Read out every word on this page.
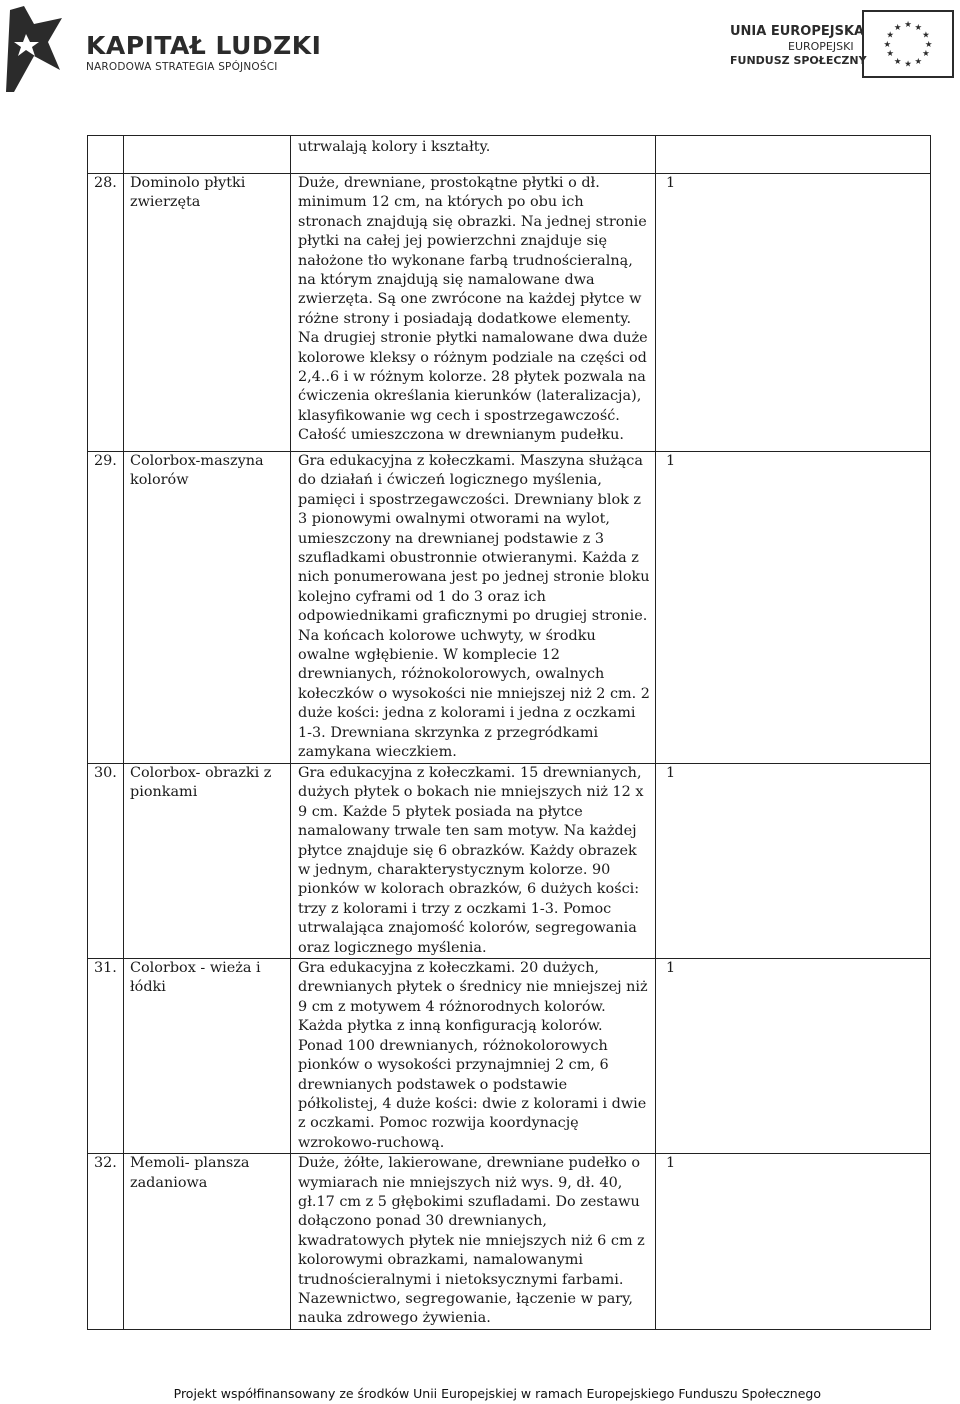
KAPITAŁ LUDZKI
NARODOWA STRATEGIA SPÓJNOŚCI
UNIA EUROPEJSKA
EUROPEJSKI
FUNDUSZ SPOŁECZNY
★ ★
★
★
★
★
★
★
★
★
★
★

		utrwalają kolory i kształty.	

28.	Dominolo płytki zwierzęta	Duże, drewniane, prostokątne płytki o dł. minimum 12 cm, na których po obu ich stronach znajdują się obrazki. Na jednej stronie płytki na całej jej powierzchni znajduje się nałożone tło wykonane farbą trudnościeralną, na którym znajdują się namalowane dwa zwierzęta. Są one zwrócone na każdej płytce w różne strony i posiadają dodatkowe elementy. Na drugiej stronie płytki namalowane dwa duże kolorowe kleksy o różnym podziale na części od 2,4..6 i w różnym kolorze. 28 płytek pozwala na ćwiczenia określania kierunków (lateralizacja), klasyfikowanie wg cech i spostrzegawczość. Całość umieszczona w drewnianym pudełku.	1
29.	Colorbox-maszyna kolorów	Gra edukacyjna z kołeczkami. Maszyna służąca do działań i ćwiczeń logicznego myślenia, pamięci i spostrzegawczości. Drewniany blok z 3 pionowymi owalnymi otworami na wylot, umieszczony na drewnianej podstawie z 3 szufladkami obustronnie otwieranymi. Każda z nich ponumerowana jest po jednej stronie bloku kolejno cyframi od 1 do 3 oraz ich odpowiednikami graficznymi po drugiej stronie. Na końcach kolorowe uchwyty, w środku owalne wgłębienie. W komplecie 12 drewnianych, różnokolorowych, owalnych kołeczków o wysokości nie mniejszej niż 2 cm. 2 duże kości: jedna z kolorami i jedna z oczkami 1-3. Drewniana skrzynka z przegródkami zamykana wieczkiem.	1
30.	Colorbox- obrazki z pionkami	Gra edukacyjna z kołeczkami. 15 drewnianych, dużych płytek o bokach nie mniejszych niż 12 x 9 cm. Każde 5 płytek posiada na płytce namalowany trwale ten sam motyw. Na każdej płytce znajduje się 6 obrazków. Każdy obrazek w jednym, charakterystycznym kolorze. 90 pionków w kolorach obrazków, 6 dużych kości: trzy z kolorami i trzy z oczkami 1-3. Pomoc utrwalająca znajomość kolorów, segregowania oraz logicznego myślenia.	1
31.	Colorbox - wieża i łódki	Gra edukacyjna z kołeczkami. 20 dużych, drewnianych płytek o średnicy nie mniejszej niż 9 cm z motywem 4 różnorodnych kolorów. Każda płytka z inną konfiguracją kolorów. Ponad 100 drewnianych, różnokolorowych pionków o wysokości przynajmniej 2 cm, 6 drewnianych podstawek o podstawie półkolistej, 4 duże kości: dwie z kolorami i dwie z oczkami. Pomoc rozwija koordynację wzrokowo-ruchową.	1
32.	Memoli- plansza zadaniowa	Duże, żółte, lakierowane, drewniane pudełko o wymiarach nie mniejszych niż wys. 9, dł. 40, gł.17 cm z 5 głębokimi szufladami. Do zestawu dołączono ponad 30 drewnianych, kwadratowych płytek nie mniejszych niż 6 cm z kolorowymi obrazkami, namalowanymi trudnościeralnymi i nietoksycznymi farbami. Nazewnictwo, segregowanie, łączenie w pary, nauka zdrowego żywienia.	1
Projekt współfinansowany ze środków Unii Europejskiej w ramach Europejskiego Funduszu Społecznego
